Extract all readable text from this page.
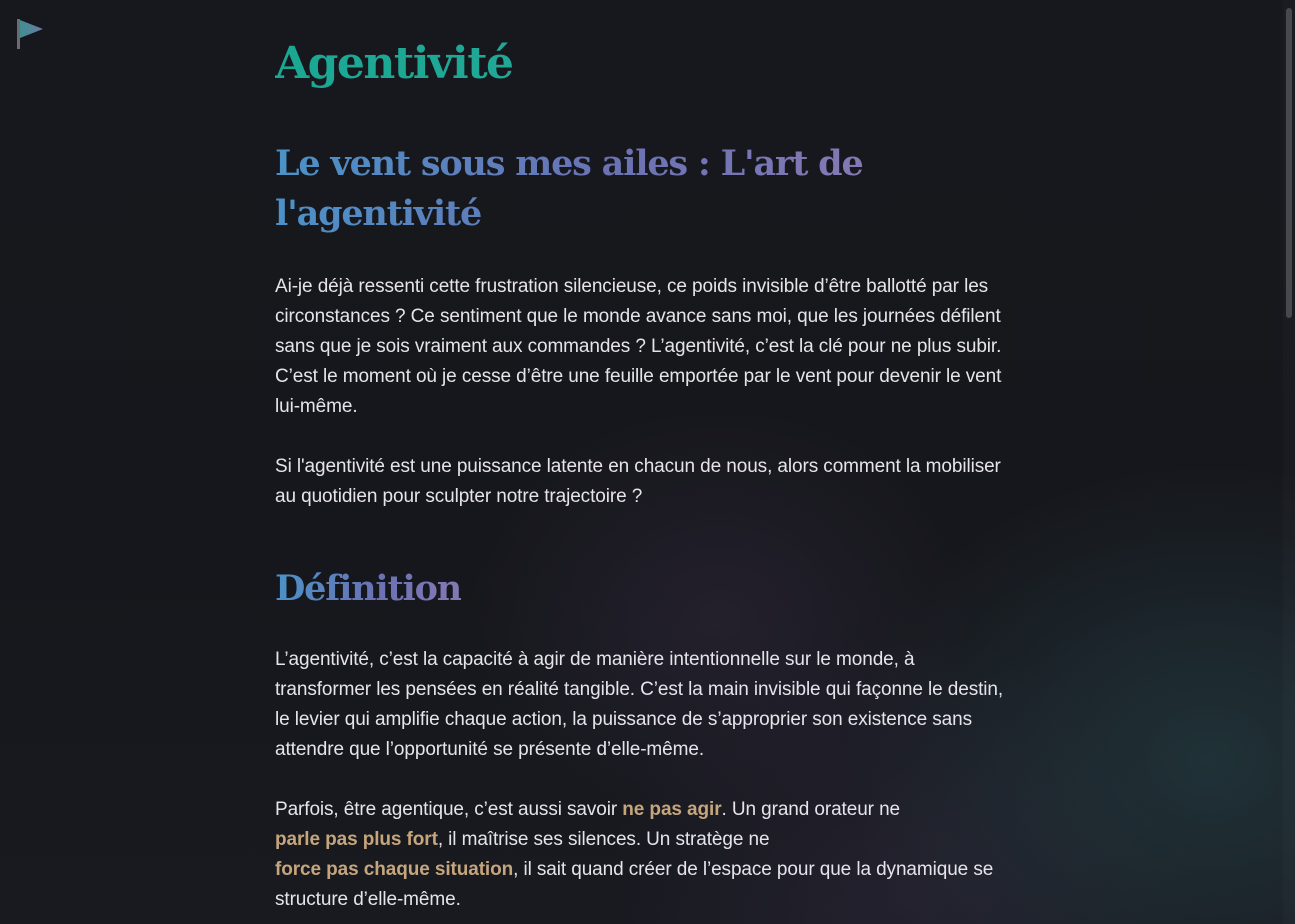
Agentivité
Le vent sous mes ailes : L'art de l'agentivité

Ai-je déjà ressenti cette frustration silencieuse, ce poids invisible d’être ballotté par les circonstances ? Ce sentiment que le monde avance sans moi, que les journées défilent sans que je sois vraiment aux commandes ? L’agentivité, c’est la clé pour ne plus subir. C’est le moment où je cesse d’être une feuille emportée par le vent pour devenir le vent lui-même.

Si l'agentivité est une puissance latente en chacun de nous, alors comment la mobiliser au quotidien pour sculpter notre trajectoire ?

Définition

L’agentivité, c’est la capacité à agir de manière intentionnelle sur le monde, à transformer les pensées en réalité tangible. C’est la main invisible qui façonne le destin, le levier qui amplifie chaque action, la puissance de s’approprier son existence sans attendre que l’opportunité se présente d’elle-même.

Parfois, être agentique, c’est aussi savoir ne pas agir. Un grand orateur ne
parle pas plus fort, il maîtrise ses silences. Un stratège ne
force pas chaque situation, il sait quand créer de l’espace pour que la dynamique se structure d’elle-même.
